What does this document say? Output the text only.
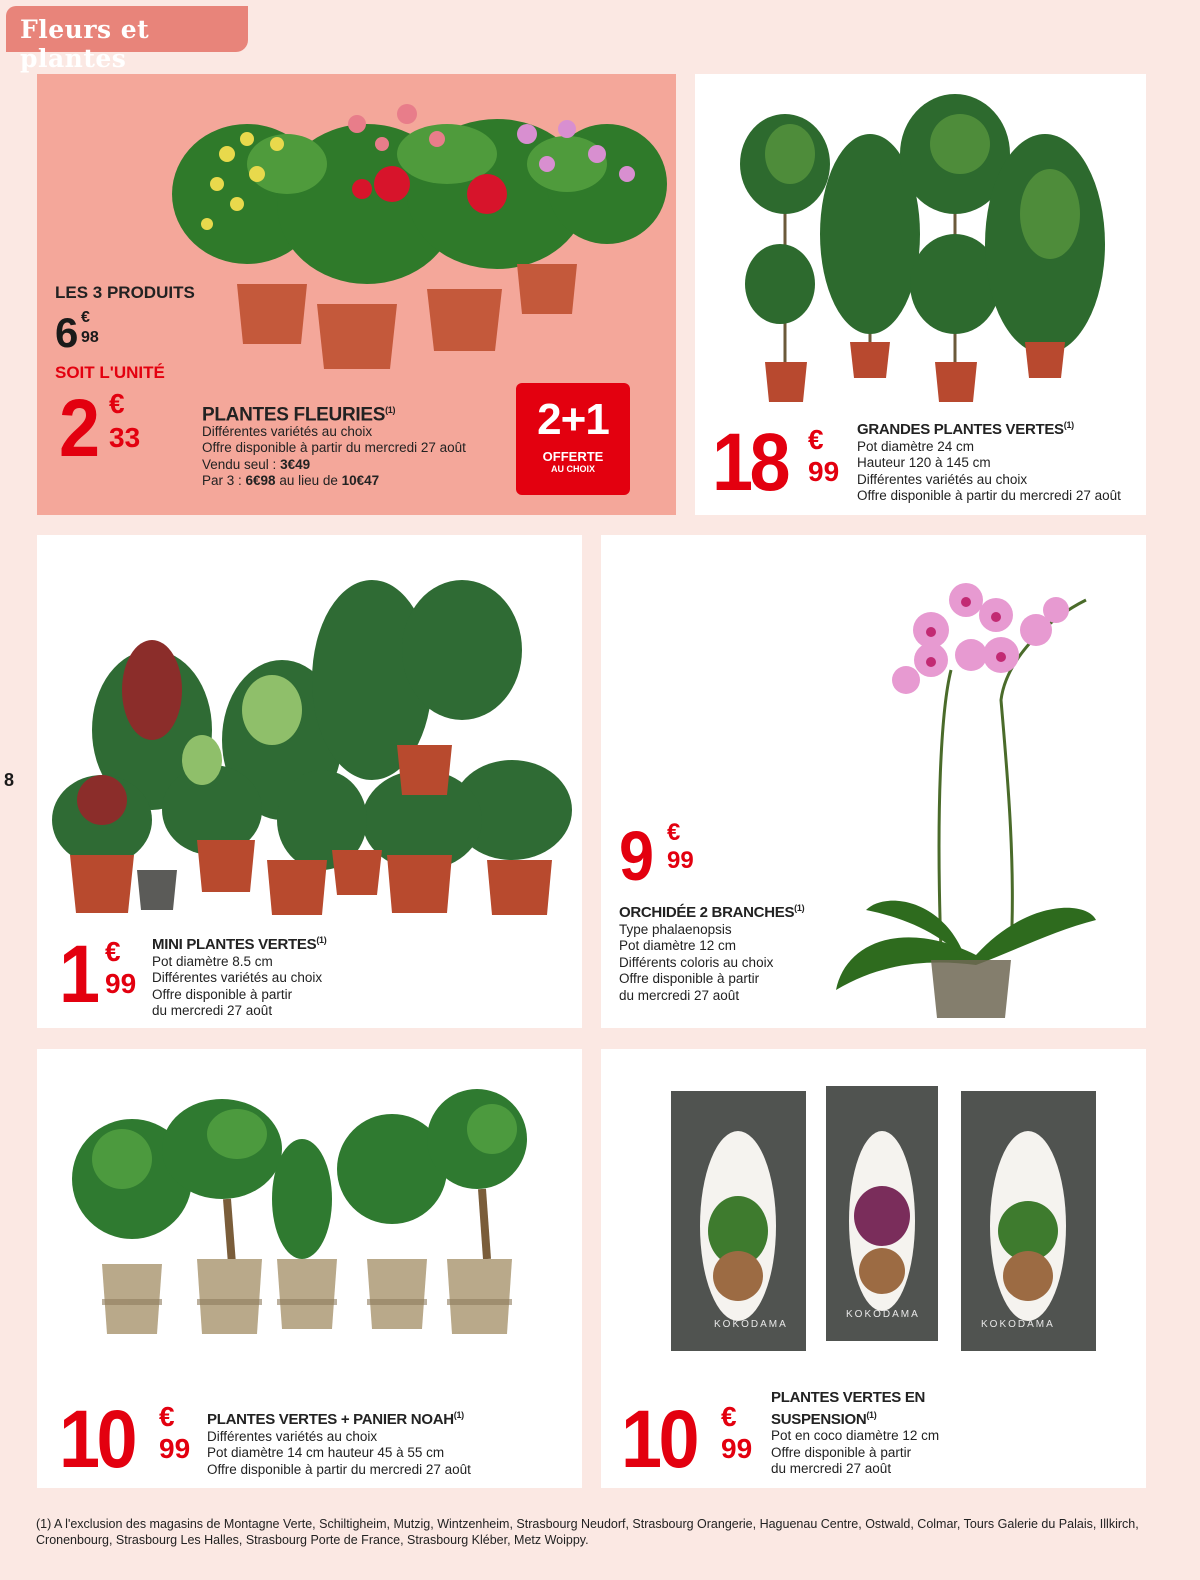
Fleurs et plantes
8
LES 3 PRODUITS
6 €
98
SOIT L'UNITÉ
2 €
33
PLANTES FLEURIES$^{(1)}$
Différentes variétés au choix
Offre disponible à partir du mercredi 27 août
Vendu seul : 3€49
Par 3 : 6€98 au lieu de 10€47
2+1
OFFERTE
AU CHOIX	18 €
99
GRANDES PLANTES VERTES$^{(1)}$
Pot diamètre 24 cm
Hauteur 120 à 145 cm
Différentes variétés au choix
Offre disponible à partir du mercredi 27 août
1 €
99
MINI PLANTES VERTES$^{(1)}$
Pot diamètre 8.5 cm
Différentes variétés au choix
Offre disponible à partir
du mercredi 27 août
9 €
99
ORCHIDÉE 2 BRANCHES$^{(1)}$
Type phalaenopsis
Pot diamètre 12 cm
Différents coloris au choix
Offre disponible à partir
du mercredi 27 août
10 €
99
PLANTES VERTES + PANIER NOAH$^{(1)}$
Différentes variétés au choix
Pot diamètre 14 cm hauteur 45 à 55 cm
Offre disponible à partir du mercredi 27 août
KOKODAMA
KOKODAMA
KOKODAMA
10 €
99
PLANTES VERTES EN
SUSPENSION$^{(1)}$
Pot en coco diamètre 12 cm
Offre disponible à partir
du mercredi 27 août
(1) A l'exclusion des magasins de Montagne Verte, Schiltigheim, Mutzig, Wintzenheim, Strasbourg Neudorf, Strasbourg Orangerie, Haguenau Centre, Ostwald, Colmar, Tours Galerie du Palais, Illkirch, Cronenbourg, Strasbourg Les Halles, Strasbourg Porte de France, Strasbourg Kléber, Metz Woippy.
